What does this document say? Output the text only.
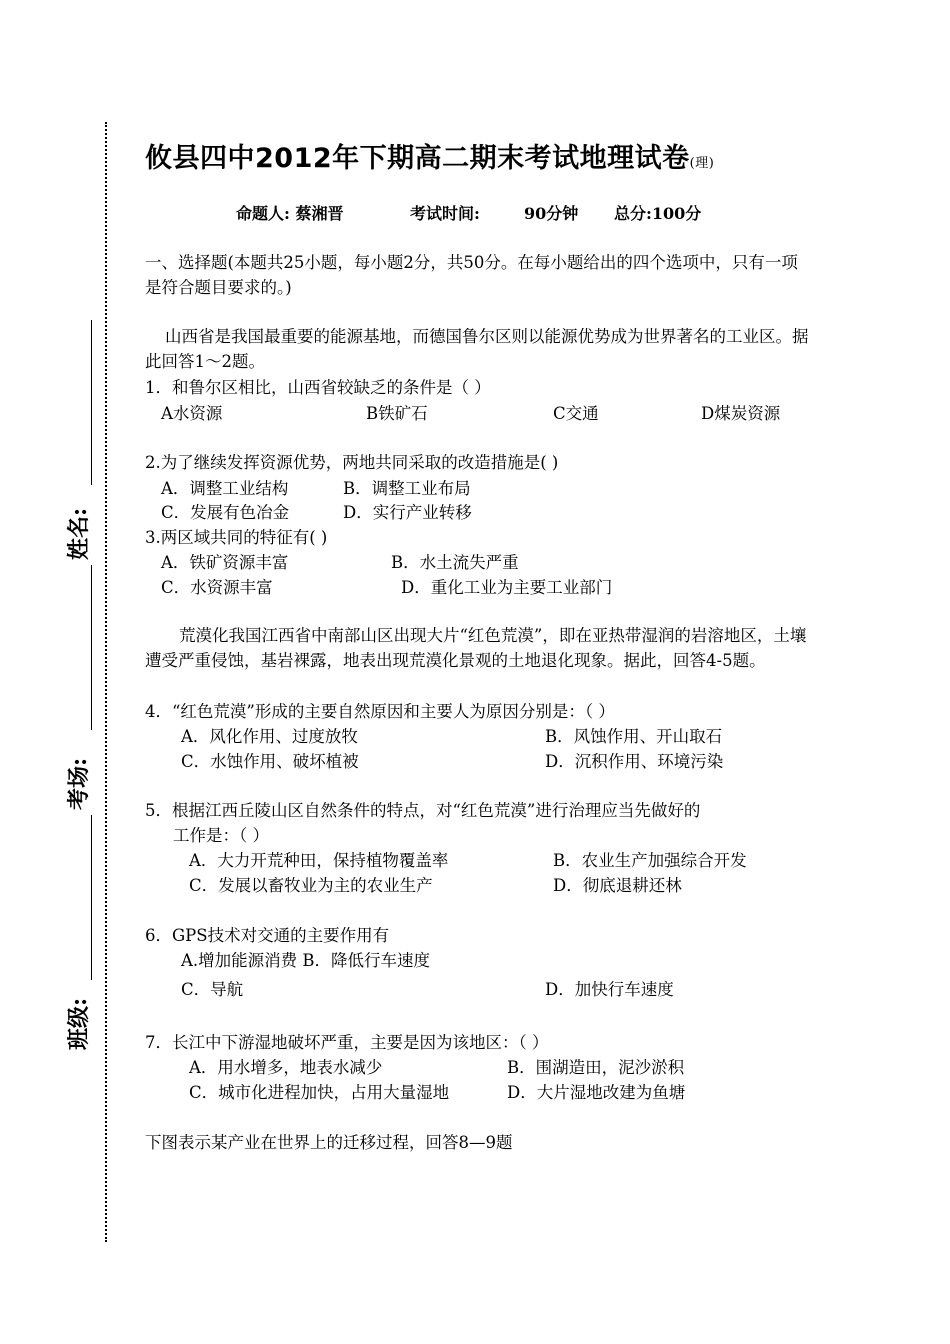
姓名:
考场:
班级:
攸县四中2012年下期高二期末考试地理试卷(理)
命题人: 蔡湘晋	考试时间:	90分钟 总分:100分
一、选择题(本题共25小题，每小题2分，共50分。在每小题给出的四个选项中，只有一项是符合题目要求的。)
山西省是我国最重要的能源基地，而德国鲁尔区则以能源优势成为世界著名的工业区。据此回答1～2题。
1．和鲁尔区相比，山西省较缺乏的条件是（ ）
A水资源	B铁矿石	C交通	D煤炭资源
2.为了继续发挥资源优势，两地共同采取的改造措施是( )
A．调整工业结构	B．调整工业布局
C．发展有色冶金	D．实行产业转移
3.两区域共同的特征有( )
A．铁矿资源丰富	B．水土流失严重
C．水资源丰富	D．重化工业为主要工业部门
荒漠化我国江西省中南部山区出现大片“红色荒漠”，即在亚热带湿润的岩溶地区，土壤遭受严重侵蚀，基岩裸露，地表出现荒漠化景观的土地退化现象。据此，回答4-5题。
4．“红色荒漠”形成的主要自然原因和主要人为原因分别是：（ ）
A．风化作用、过度放牧	B．风蚀作用、开山取石
C．水蚀作用、破坏植被	D．沉积作用、环境污染
5．根据江西丘陵山区自然条件的特点，对“红色荒漠”进行治理应当先做好的
工作是：（ ）
A．大力开荒种田，保持植物覆盖率	B．农业生产加强综合开发
C．发展以畜牧业为主的农业生产	D．彻底退耕还林
6．GPS技术对交通的主要作用有
A.增加能源消费 B．降低行车速度
C．导航	D．加快行车速度
7．长江中下游湿地破坏严重，主要是因为该地区：（ ）
A．用水增多，地表水减少	B．围湖造田，泥沙淤积
C．城市化进程加快，占用大量湿地	D．大片湿地改建为鱼塘
下图表示某产业在世界上的迁移过程，回答8—9题
